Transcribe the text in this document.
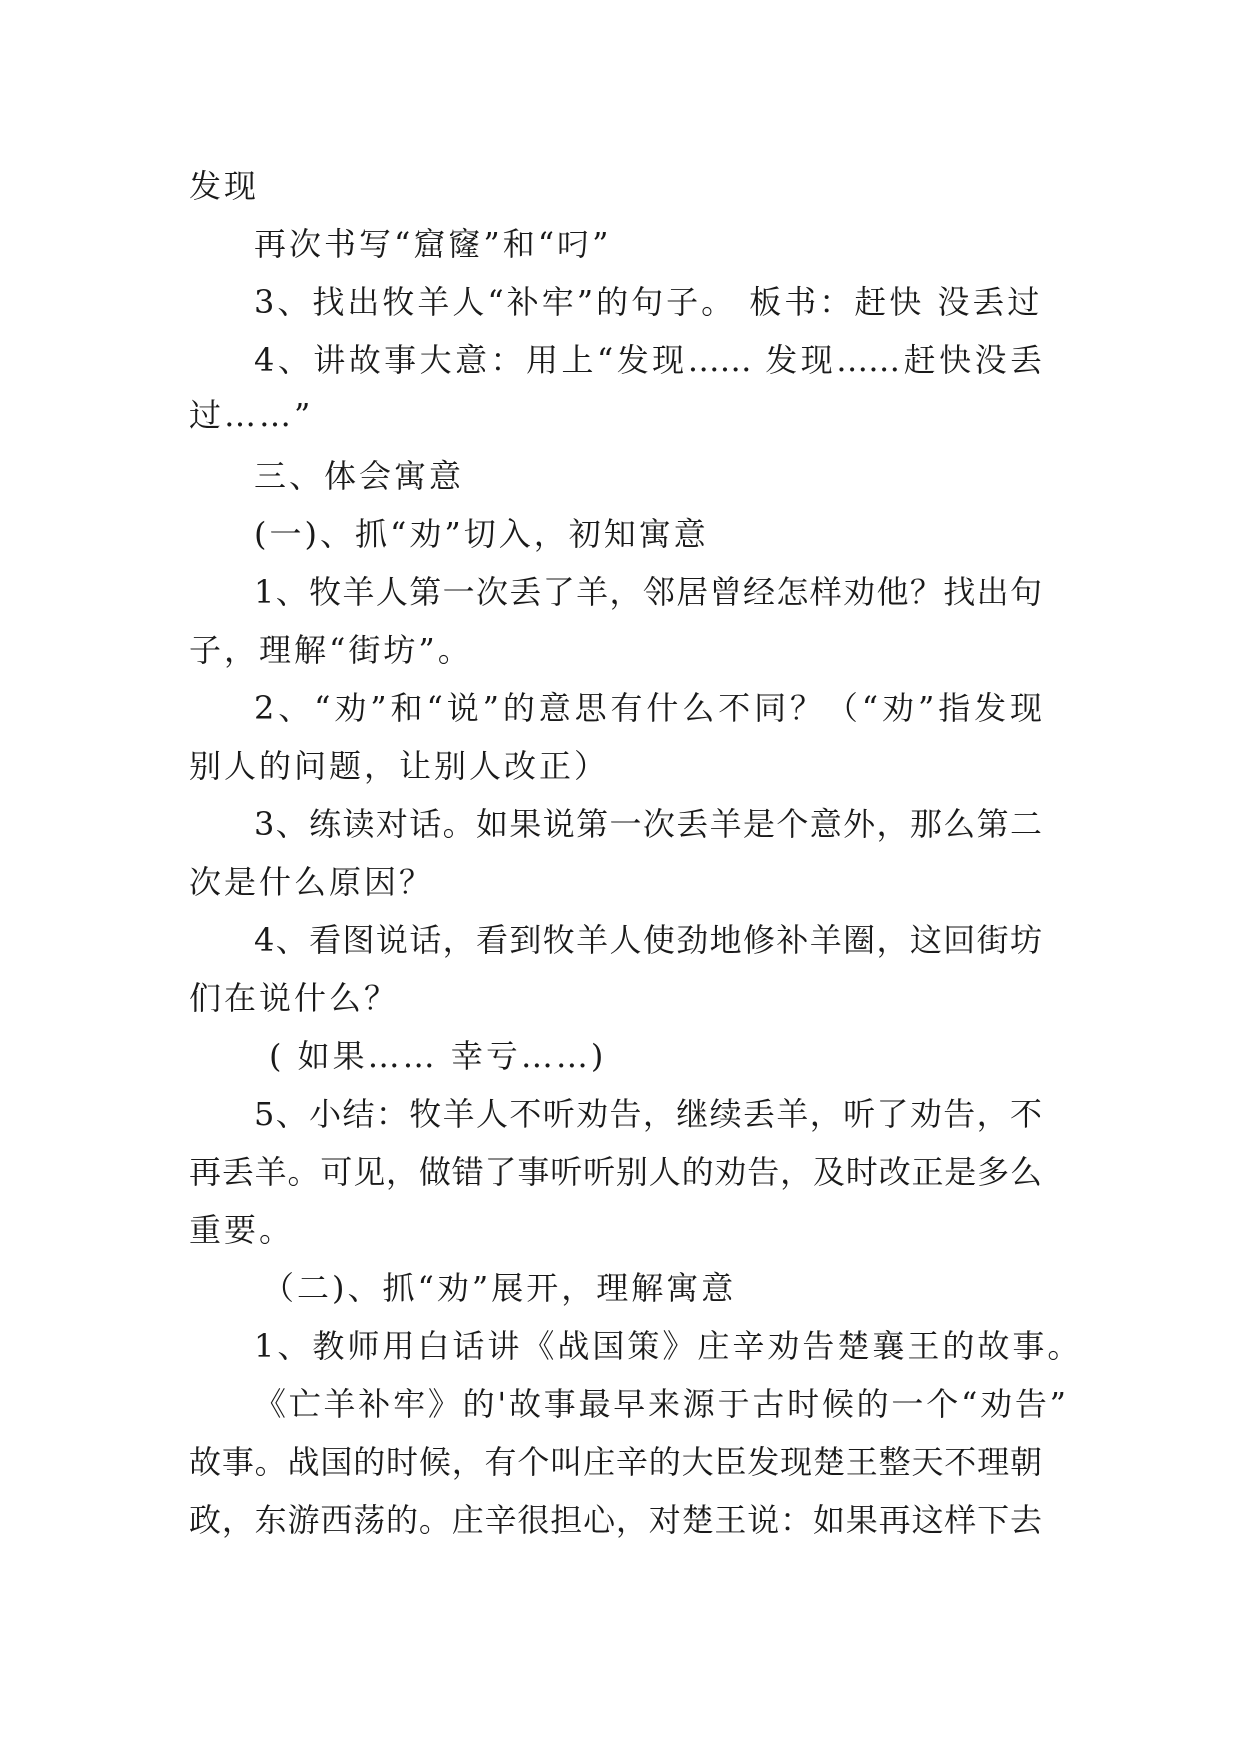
发现
再次书写“窟窿”和“叼”
3、找出牧羊人“补牢”的句子。 板书：赶快 没丢过
4、讲故事大意：用上“发现…… 发现……赶快没丢
过……”
三、体会寓意
(一)、抓“劝”切入，初知寓意
1、牧羊人第一次丢了羊，邻居曾经怎样劝他？找出句
子，理解“街坊”。
2、“劝”和“说”的意思有什么不同？（“劝”指发现
别人的问题，让别人改正）
3、练读对话。如果说第一次丢羊是个意外，那么第二
次是什么原因？
4、看图说话，看到牧羊人使劲地修补羊圈，这回街坊
们在说什么？
( 如果…… 幸亏……)
5、小结：牧羊人不听劝告，继续丢羊，听了劝告，不
再丢羊。可见，做错了事听听别人的劝告，及时改正是多么
重要。
（二)、抓“劝”展开，理解寓意
1、教师用白话讲《战国策》庄辛劝告楚襄王的故事。
《亡羊补牢》的'故事最早来源于古时候的一个“劝告”
故事。战国的时候，有个叫庄辛的大臣发现楚王整天不理朝
政，东游西荡的。庄辛很担心，对楚王说：如果再这样下去
